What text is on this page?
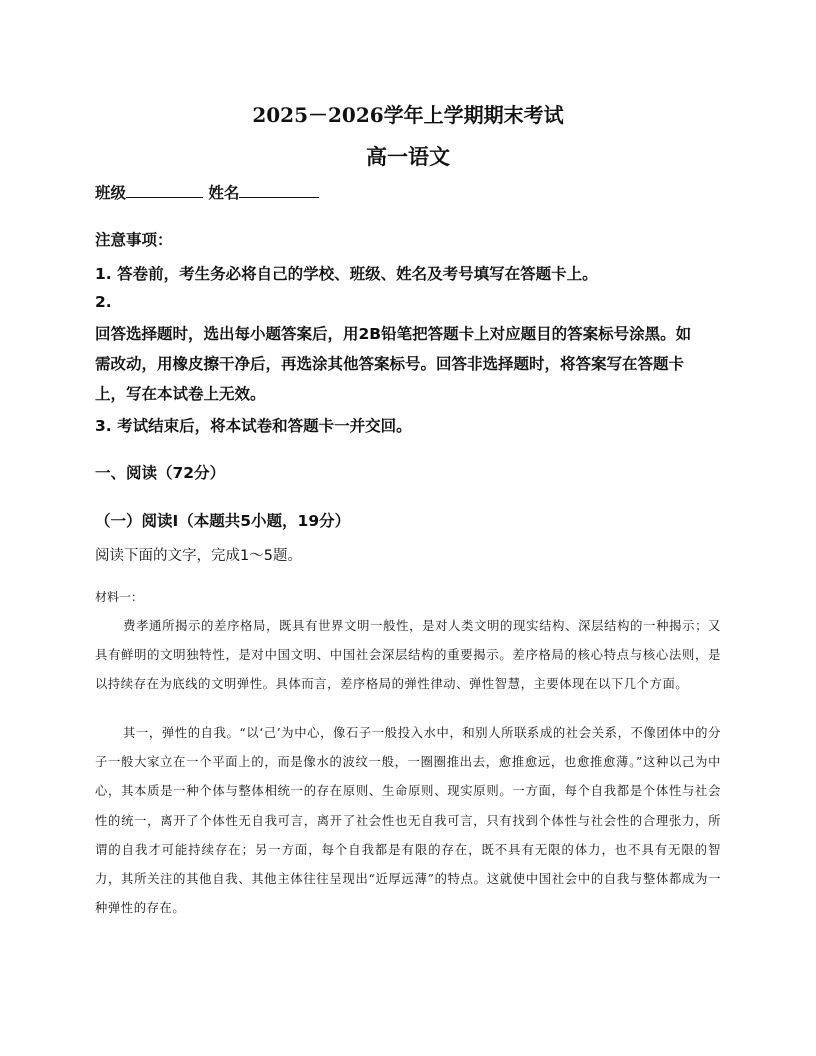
2025－2026学年上学期期末考试
高一语文
班级	姓名
注意事项：
1. 答卷前，考生务必将自己的学校、班级、姓名及考号填写在答题卡上。
2.
回答选择题时，选出每小题答案后，用2B铅笔把答题卡上对应题目的答案标号涂黑。如
需改动，用橡皮擦干净后，再选涂其他答案标号。回答非选择题时，将答案写在答题卡
上，写在本试卷上无效。
3. 考试结束后，将本试卷和答题卡一并交回。
一、阅读（72分）
（一）阅读Ⅰ（本题共5小题，19分）
阅读下面的文字，完成1～5题。
材料一：
费孝通所揭示的差序格局，既具有世界文明一般性，是对人类文明的现实结构、深层结构的一种揭示；又具有鲜明的文明独特性，是对中国文明、中国社会深层结构的重要揭示。差序格局的核心特点与核心法则，是以持续存在为底线的文明弹性。具体而言，差序格局的弹性律动、弹性智慧，主要体现在以下几个方面。
其一，弹性的自我。“以‘己’为中心，像石子一般投入水中，和别人所联系成的社会关系，不像团体中的分子一般大家立在一个平面上的，而是像水的波纹一般，一圈圈推出去，愈推愈远，也愈推愈薄。”这种以己为中心，其本质是一种个体与整体相统一的存在原则、生命原则、现实原则。一方面，每个自我都是个体性与社会性的统一，离开了个体性无自我可言，离开了社会性也无自我可言，只有找到个体性与社会性的合理张力，所谓的自我才可能持续存在；另一方面，每个自我都是有限的存在，既不具有无限的体力，也不具有无限的智力，其所关注的其他自我、其他主体往往呈现出“近厚远薄”的特点。这就使中国社会中的自我与整体都成为一种弹性的存在。
